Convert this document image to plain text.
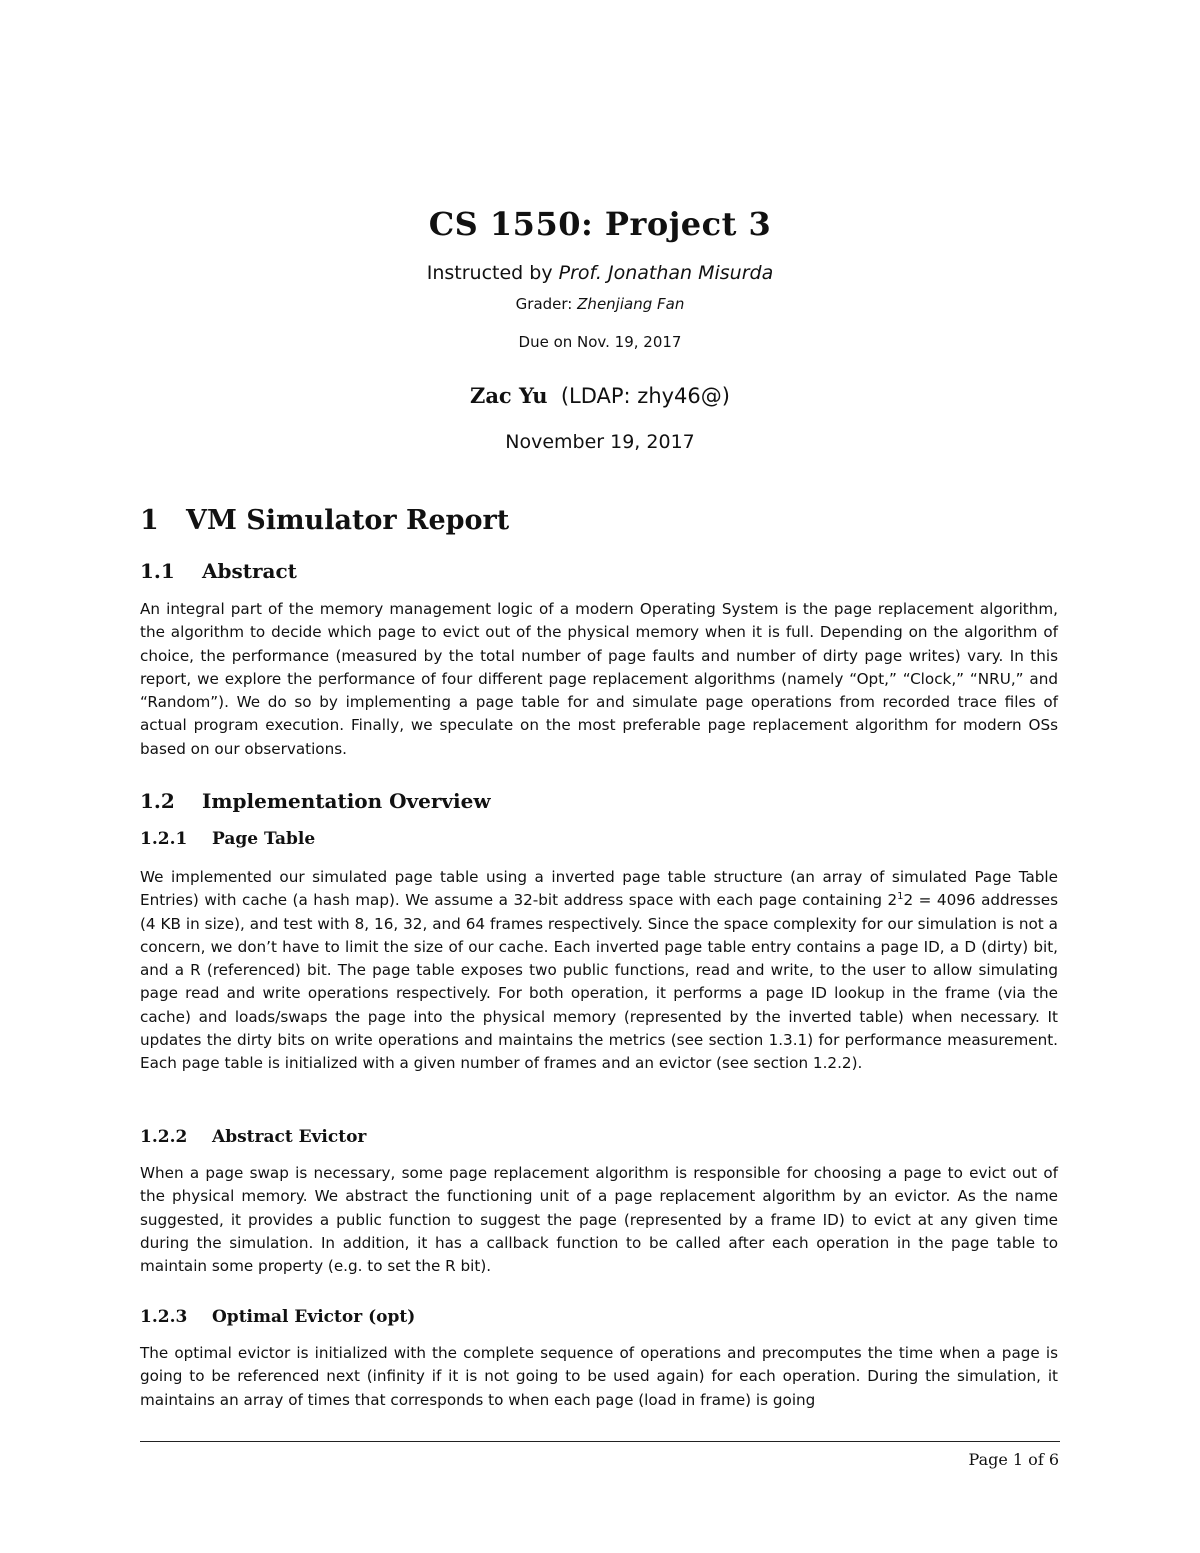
CS 1550: Project 3
Instructed by Prof. Jonathan Misurda
Grader: Zhenjiang Fan
Due on Nov. 19, 2017
Zac Yu (LDAP: zhy46@)
November 19, 2017
1 VM Simulator Report
1.1 Abstract

An integral part of the memory management logic of a modern Operating System is the page replacement algorithm, the algorithm to decide which page to evict out of the physical memory when it is full. Depending on the algorithm of choice, the performance (measured by the total number of page faults and number of dirty page writes) vary. In this report, we explore the performance of four different page replacement algorithms (namely “Opt,” “Clock,” “NRU,” and “Random”). We do so by implementing a page table for and simulate page operations from recorded trace files of actual program execution. Finally, we speculate on the most preferable page replacement algorithm for modern OSs based on our observations.

1.2 Implementation Overview
1.2.1 Page Table

We implemented our simulated page table using a inverted page table structure (an array of simulated Page Table Entries) with cache (a hash map). We assume a 32-bit address space with each page containing $2^12 = 4096$ addresses (4 KB in size), and test with 8, 16, 32, and 64 frames respectively. Since the space complexity for our simulation is not a concern, we don’t have to limit the size of our cache. Each inverted page table entry contains a page ID, a D (dirty) bit, and a R (referenced) bit. The page table exposes two public functions, read and write, to the user to allow simulating page read and write operations respectively. For both operation, it performs a page ID lookup in the frame (via the cache) and loads/swaps the page into the physical memory (represented by the inverted table) when necessary. It updates the dirty bits on write operations and maintains the metrics (see section 1.3.1) for performance measurement. Each page table is initialized with a given number of frames and an evictor (see section 1.2.2).

1.2.2 Abstract Evictor

When a page swap is necessary, some page replacement algorithm is responsible for choosing a page to evict out of the physical memory. We abstract the functioning unit of a page replacement algorithm by an evictor. As the name suggested, it provides a public function to suggest the page (represented by a frame ID) to evict at any given time during the simulation. In addition, it has a callback function to be called after each operation in the page table to maintain some property (e.g. to set the R bit).

1.2.3 Optimal Evictor (opt)

The optimal evictor is initialized with the complete sequence of operations and precomputes the time when a page is going to be referenced next (infinity if it is not going to be used again) for each operation. During the simulation, it maintains an array of times that corresponds to when each page (load in frame) is going

Page 1 of 6
